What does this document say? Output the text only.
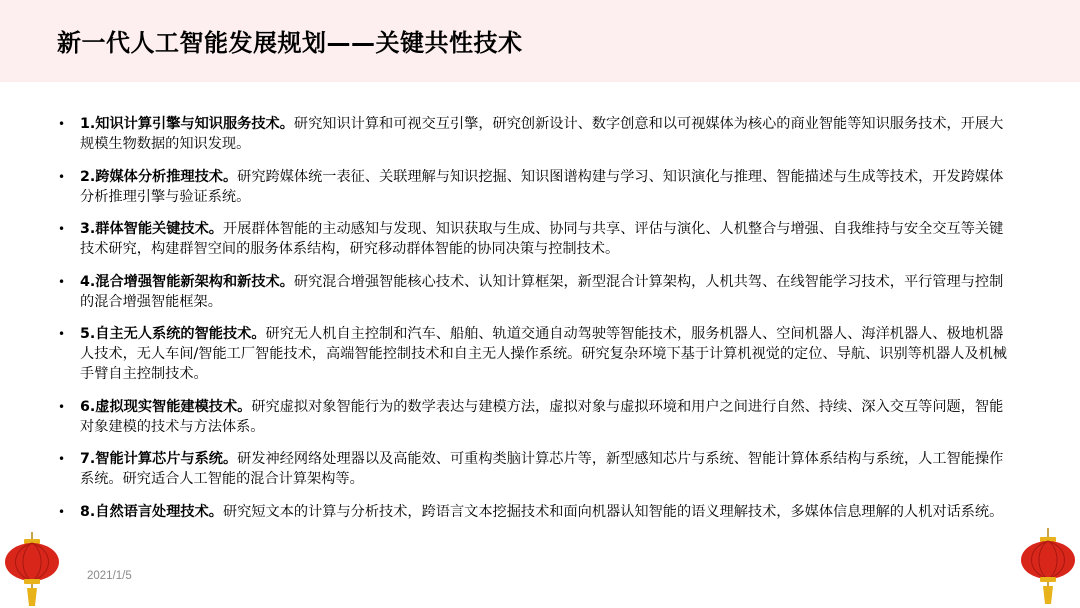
新一代人工智能发展规划——关键共性技术
• 1.知识计算引擎与知识服务技术。研究知识计算和可视交互引擎，研究创新设计、数字创意和以可视媒体为核心的商业智能等知识服务技术，开展大规模生物数据的知识发现。
• 2.跨媒体分析推理技术。研究跨媒体统一表征、关联理解与知识挖掘、知识图谱构建与学习、知识演化与推理、智能描述与生成等技术，开发跨媒体分析推理引擎与验证系统。
• 3.群体智能关键技术。开展群体智能的主动感知与发现、知识获取与生成、协同与共享、评估与演化、人机整合与增强、自我维持与安全交互等关键技术研究，构建群智空间的服务体系结构，研究移动群体智能的协同决策与控制技术。
• 4.混合增强智能新架构和新技术。研究混合增强智能核心技术、认知计算框架，新型混合计算架构，人机共驾、在线智能学习技术，平行管理与控制的混合增强智能框架。
• 5.自主无人系统的智能技术。研究无人机自主控制和汽车、船舶、轨道交通自动驾驶等智能技术，服务机器人、空间机器人、海洋机器人、极地机器人技术，无人车间/智能工厂智能技术，高端智能控制技术和自主无人操作系统。研究复杂环境下基于计算机视觉的定位、导航、识别等机器人及机械手臂自主控制技术。
• 6.虚拟现实智能建模技术。研究虚拟对象智能行为的数学表达与建模方法，虚拟对象与虚拟环境和用户之间进行自然、持续、深入交互等问题，智能对象建模的技术与方法体系。
• 7.智能计算芯片与系统。研发神经网络处理器以及高能效、可重构类脑计算芯片等，新型感知芯片与系统、智能计算体系结构与系统，人工智能操作系统。研究适合人工智能的混合计算架构等。
• 8.自然语言处理技术。研究短文本的计算与分析技术，跨语言文本挖掘技术和面向机器认知智能的语义理解技术，多媒体信息理解的人机对话系统。
2021/1/5
